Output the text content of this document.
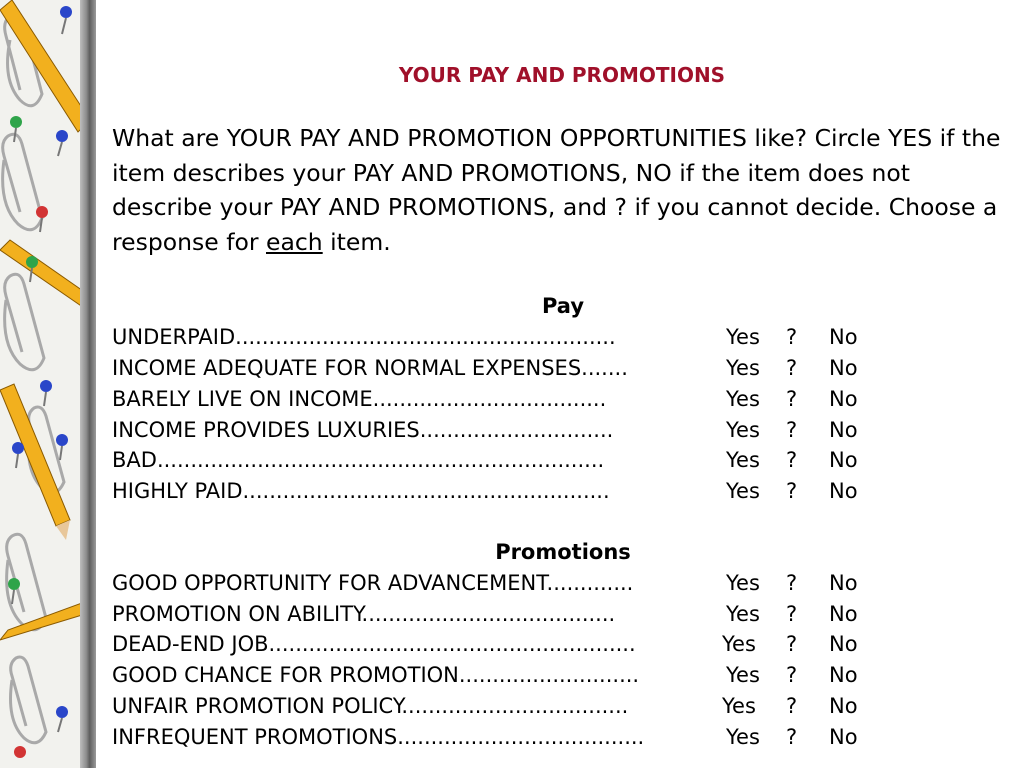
YOUR PAY AND PROMOTIONS
What are YOUR PAY AND PROMOTION OPPORTUNITIES like? Circle YES if the item describes your PAY AND PROMOTIONS, NO if the item does not describe your PAY AND PROMOTIONS, and ? if you cannot decide. Choose a response for each item.
Pay
UNDERPAID.........................................................	Yes ? No
INCOME ADEQUATE FOR NORMAL EXPENSES.......	Yes ? No
BARELY LIVE ON INCOME...................................	Yes ? No
INCOME PROVIDES LUXURIES.............................	Yes ? No
BAD...................................................................	Yes ? No
HIGHLY PAID.......................................................	Yes ? No
Promotions
GOOD OPPORTUNITY FOR ADVANCEMENT.............	Yes ? No
PROMOTION ON ABILITY......................................	Yes ? No
DEAD-END JOB.......................................................	Yes ? No
GOOD CHANCE FOR PROMOTION...........................	Yes ? No
UNFAIR PROMOTION POLICY..................................	Yes ? No
INFREQUENT PROMOTIONS.....................................	Yes ? No
